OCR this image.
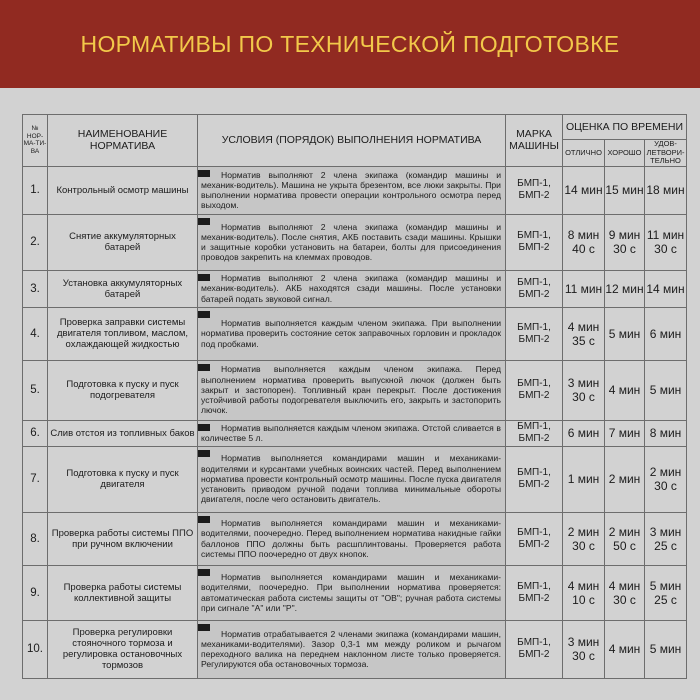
НОРМАТИВЫ ПО ТЕХНИЧЕСКОЙ ПОДГОТОВКЕ
№ НОР-МА-ТИ-ВА	НАИМЕНОВАНИЕ НОРМАТИВА	УСЛОВИЯ (ПОРЯДОК) ВЫПОЛНЕНИЯ НОРМАТИВА	МАРКА МАШИНЫ	ОЦЕНКА ПО ВРЕМЕНИ		
				ОТЛИЧНО	ХОРОШО	УДОВ-ЛЕТВОРИ-ТЕЛЬНО
1.	Контрольный осмотр машины	Норматив выполняют 2 члена экипажа (командир машины и механик-водитель). Машина не укрыта брезентом, все люки закрыты. При выполнении норматива провести операции контрольного осмотра перед выходом.	БМП-1, БМП-2	14 мин	15 мин	18 мин
2.	Снятие аккумуляторных батарей	Норматив выполняют 2 члена экипажа (командир машины и механик-водитель). После снятия, АКБ поставить сзади машины. Крышки и защитные коробки установить на батареи, болты для присоединения проводов закрепить на клеммах проводов.	БМП-1, БМП-2	8 мин 40 с	9 мин 30 с	11 мин 30 с
3.	Установка аккумуляторных батарей	Норматив выполняют 2 члена экипажа (командир машины и механик-водитель). АКБ находятся сзади машины. После установки батарей подать звуковой сигнал.	БМП-1, БМП-2	11 мин	12 мин	14 мин
4.	Проверка заправки системы двигателя топливом, маслом, охлаждающей жидкостью	Норматив выполняется каждым членом экипажа. При выполнении норматива проверить состояние сеток заправочных горловин и прокладок под пробками.	БМП-1, БМП-2	4 мин 35 с	5 мин	6 мин
5.	Подготовка к пуску и пуск подогревателя	Норматив выполняется каждым членом экипажа. Перед выполнением норматива проверить выпускной лючок (должен быть закрыт и застопорен). Топливный кран перекрыт. После достижения устойчивой работы подогревателя выключить его, закрыть и застопорить лючок.	БМП-1, БМП-2	3 мин 30 с	4 мин	5 мин
6.	Слив отстоя из топливных баков	Норматив выполняется каждым членом экипажа. Отстой сливается в количестве 5 л.	БМП-1, БМП-2	6 мин	7 мин	8 мин
7.	Подготовка к пуску и пуск двигателя	Норматив выполняется командирами машин и механиками-водителями и курсантами учебных воинских частей. Перед выполнением норматива провести контрольный осмотр машины. После пуска двигателя установить приводом ручной подачи топлива минимальные обороты двигателя, после чего остановить двигатель.	БМП-1, БМП-2	1 мин	2 мин	2 мин 30 с
8.	Проверка работы системы ППО при ручном включении	Норматив выполняется командирами машин и механиками-водителями, поочередно. Перед выполнением норматива накидные гайки баллонов ППО должны быть расшплинтованы. Проверяется работа системы ППО поочередно от двух кнопок.	БМП-1, БМП-2	2 мин 30 с	2 мин 50 с	3 мин 25 с
9.	Проверка работы системы коллективной защиты	Норматив выполняется командирами машин и механиками-водителями, поочередно. При выполнении норматива проверяется: автоматическая работа системы защиты от "ОВ"; ручная работа системы при сигнале "А" или "Р".	БМП-1, БМП-2	4 мин 10 с	4 мин 30 с	5 мин 25 с
10.	Проверка регулировки стояночного тормоза и регулировка остановочных тормозов	Норматив отрабатывается 2 членами экипажа (командирами машин, механиками-водителями). Зазор 0,3-1 мм между роликом и рычагом переходного валика на переднем наклонном листе только проверяется. Регулируются оба остановочных тормоза.	БМП-1, БМП-2	3 мин 30 с	4 мин	5 мин
